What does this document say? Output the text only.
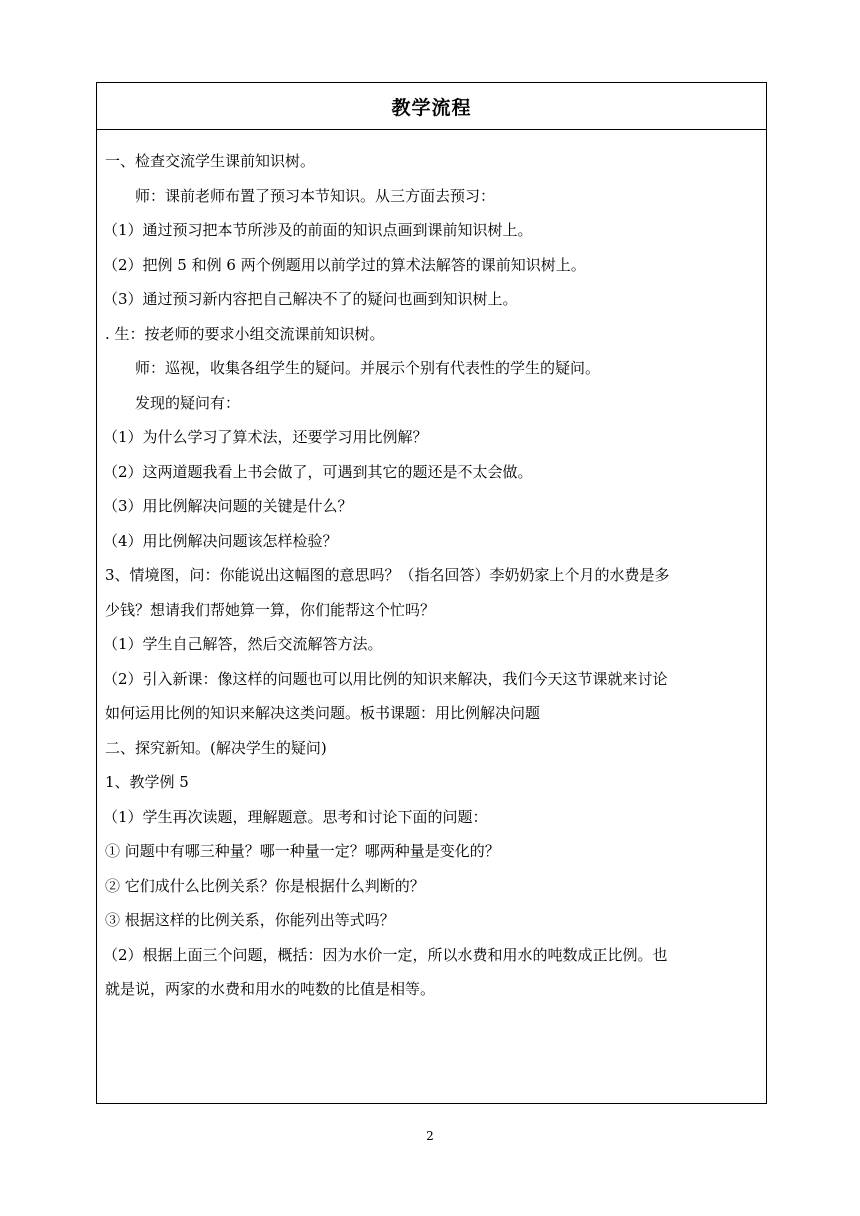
教学流程
一、检查交流学生课前知识树。
师：课前老师布置了预习本节知识。从三方面去预习：
（1）通过预习把本节所涉及的前面的知识点画到课前知识树上。
（2）把例 5 和例 6 两个例题用以前学过的算术法解答的课前知识树上。
（3）通过预习新内容把自己解决不了的疑问也画到知识树上。
. 生：按老师的要求小组交流课前知识树。
师：巡视，收集各组学生的疑问。并展示个别有代表性的学生的疑问。
发现的疑问有：
（1）为什么学习了算术法，还要学习用比例解？
（2）这两道题我看上书会做了，可遇到其它的题还是不太会做。
（3）用比例解决问题的关键是什么？
（4）用比例解决问题该怎样检验？
3、情境图，问：你能说出这幅图的意思吗？（指名回答）李奶奶家上个月的水费是多
少钱？想请我们帮她算一算，你们能帮这个忙吗？
（1）学生自己解答，然后交流解答方法。
（2）引入新课：像这样的问题也可以用比例的知识来解决，我们今天这节课就来讨论
如何运用比例的知识来解决这类问题。板书课题：用比例解决问题
二、探究新知。(解决学生的疑问)
1、教学例 5
（1）学生再次读题，理解题意。思考和讨论下面的问题：
① 问题中有哪三种量？哪一种量一定？哪两种量是变化的？
② 它们成什么比例关系？你是根据什么判断的？
③ 根据这样的比例关系，你能列出等式吗？
（2）根据上面三个问题，概括：因为水价一定，所以水费和用水的吨数成正比例。也
就是说，两家的水费和用水的吨数的比值是相等。
2
